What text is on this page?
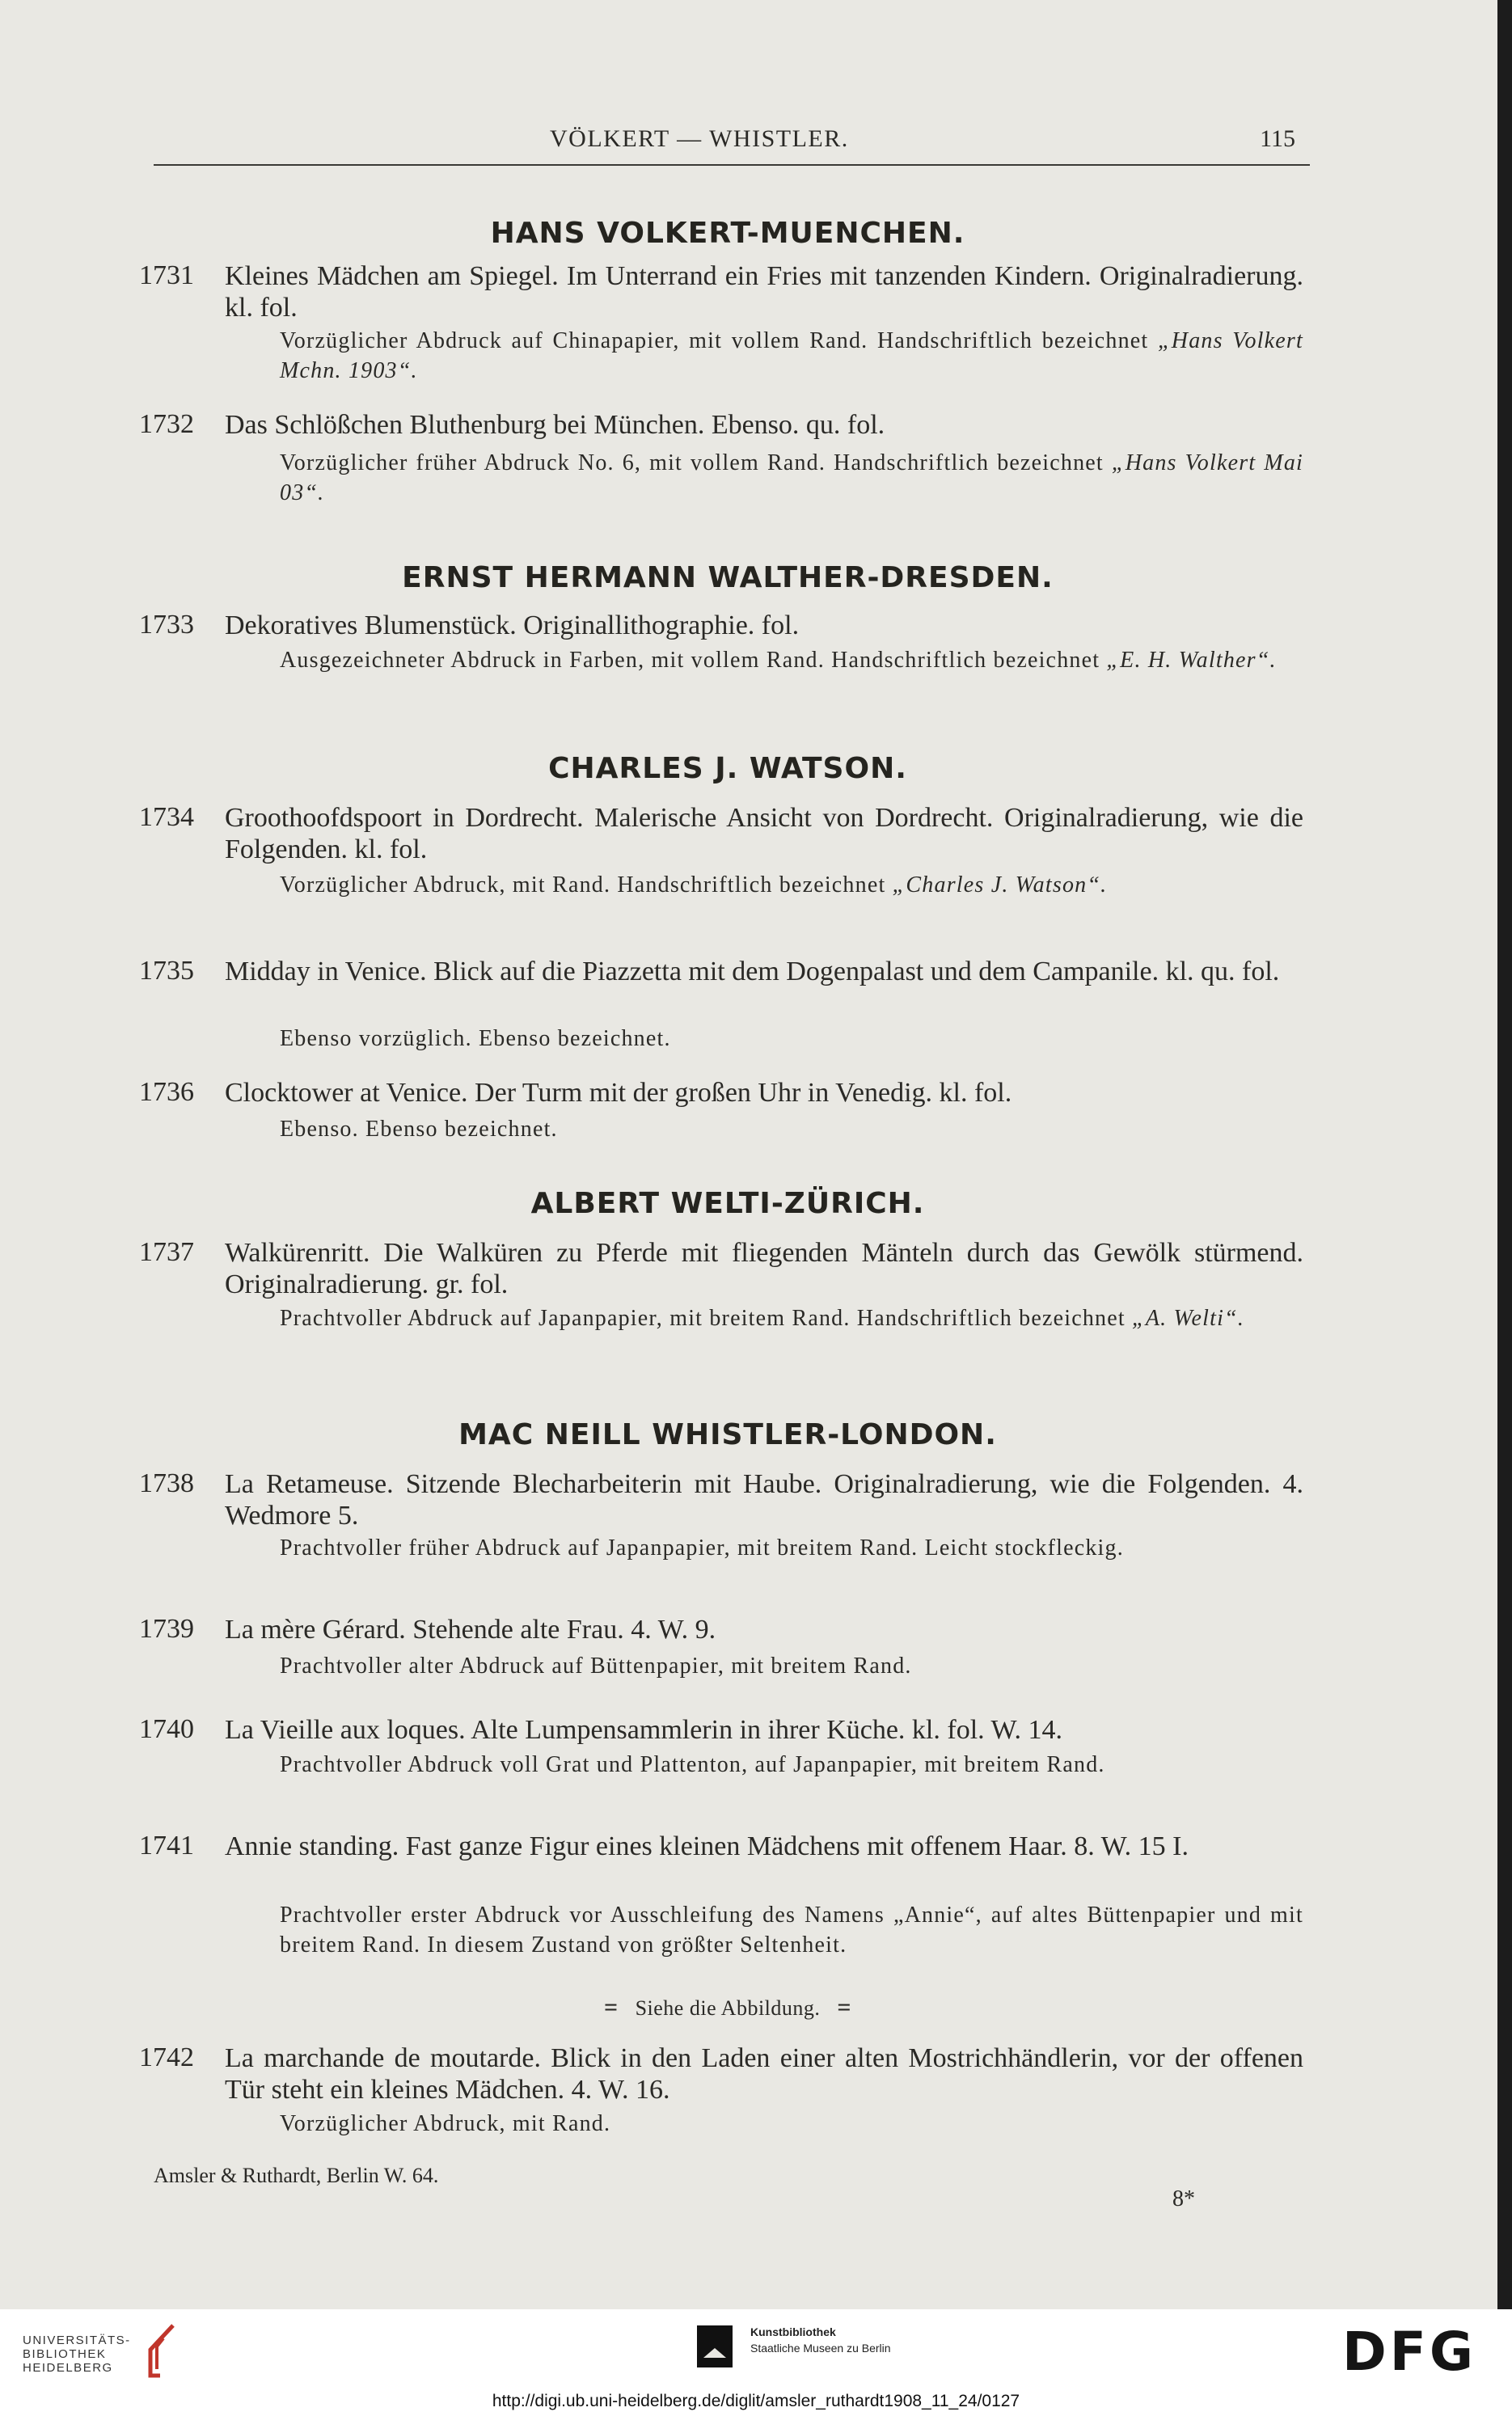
VÖLKERT — WHISTLER.	115
HANS VOLKERT-MUENCHEN.
1731 Kleines Mädchen am Spiegel. Im Unterrand ein Fries mit tanzenden Kindern. Originalradierung. kl. fol.
Vorzüglicher Abdruck auf Chinapapier, mit vollem Rand. Handschriftlich bezeichnet „Hans Volkert Mchn. 1903“.
1732 Das Schlößchen Bluthenburg bei München. Ebenso. qu. fol.
Vorzüglicher früher Abdruck No. 6, mit vollem Rand. Handschriftlich bezeichnet „Hans Volkert Mai 03“.
ERNST HERMANN WALTHER-DRESDEN.
1733 Dekoratives Blumenstück. Originallithographie. fol.
Ausgezeichneter Abdruck in Farben, mit vollem Rand. Handschriftlich bezeichnet „E. H. Walther“.
CHARLES J. WATSON.
1734 Groothoofdspoort in Dordrecht. Malerische Ansicht von Dordrecht. Originalradierung, wie die Folgenden. kl. fol.
Vorzüglicher Abdruck, mit Rand. Handschriftlich bezeichnet „Charles J. Watson“.
1735 Midday in Venice. Blick auf die Piazzetta mit dem Dogenpalast und dem Campanile. kl. qu. fol.
Ebenso vorzüglich. Ebenso bezeichnet.
1736 Clocktower at Venice. Der Turm mit der großen Uhr in Venedig. kl. fol.
Ebenso. Ebenso bezeichnet.
ALBERT WELTI-ZÜRICH.
1737 Walkürenritt. Die Walküren zu Pferde mit fliegenden Mänteln durch das Gewölk stürmend. Originalradierung. gr. fol.
Prachtvoller Abdruck auf Japanpapier, mit breitem Rand. Handschriftlich bezeichnet „A. Welti“.
MAC NEILL WHISTLER-LONDON.
1738 La Retameuse. Sitzende Blecharbeiterin mit Haube. Originalradierung, wie die Folgenden. 4. Wedmore 5.
Prachtvoller früher Abdruck auf Japanpapier, mit breitem Rand. Leicht stockfleckig.
1739 La mère Gérard. Stehende alte Frau. 4. W. 9.
Prachtvoller alter Abdruck auf Büttenpapier, mit breitem Rand.
1740 La Vieille aux loques. Alte Lumpensammlerin in ihrer Küche. kl. fol. W. 14.
Prachtvoller Abdruck voll Grat und Plattenton, auf Japanpapier, mit breitem Rand.
1741 Annie standing. Fast ganze Figur eines kleinen Mädchens mit offenem Haar. 8. W. 15 I.
Prachtvoller erster Abdruck vor Ausschleifung des Namens „Annie“, auf altes Büttenpapier und mit breitem Rand. In diesem Zustand von größter Seltenheit.
= Siehe die Abbildung. =
1742 La marchande de moutarde. Blick in den Laden einer alten Mostrichhändlerin, vor der offenen Tür steht ein kleines Mädchen. 4. W. 16.
Vorzüglicher Abdruck, mit Rand.
Amsler & Ruthardt, Berlin W. 64.
8*
UNIVERSITÄTS-
BIBLIOTHEK
HEIDELBERG
Kunstbibliothek
Staatliche Museen zu Berlin	DFG
http://digi.ub.uni-heidelberg.de/diglit/amsler_ruthardt1908_11_24/0127
